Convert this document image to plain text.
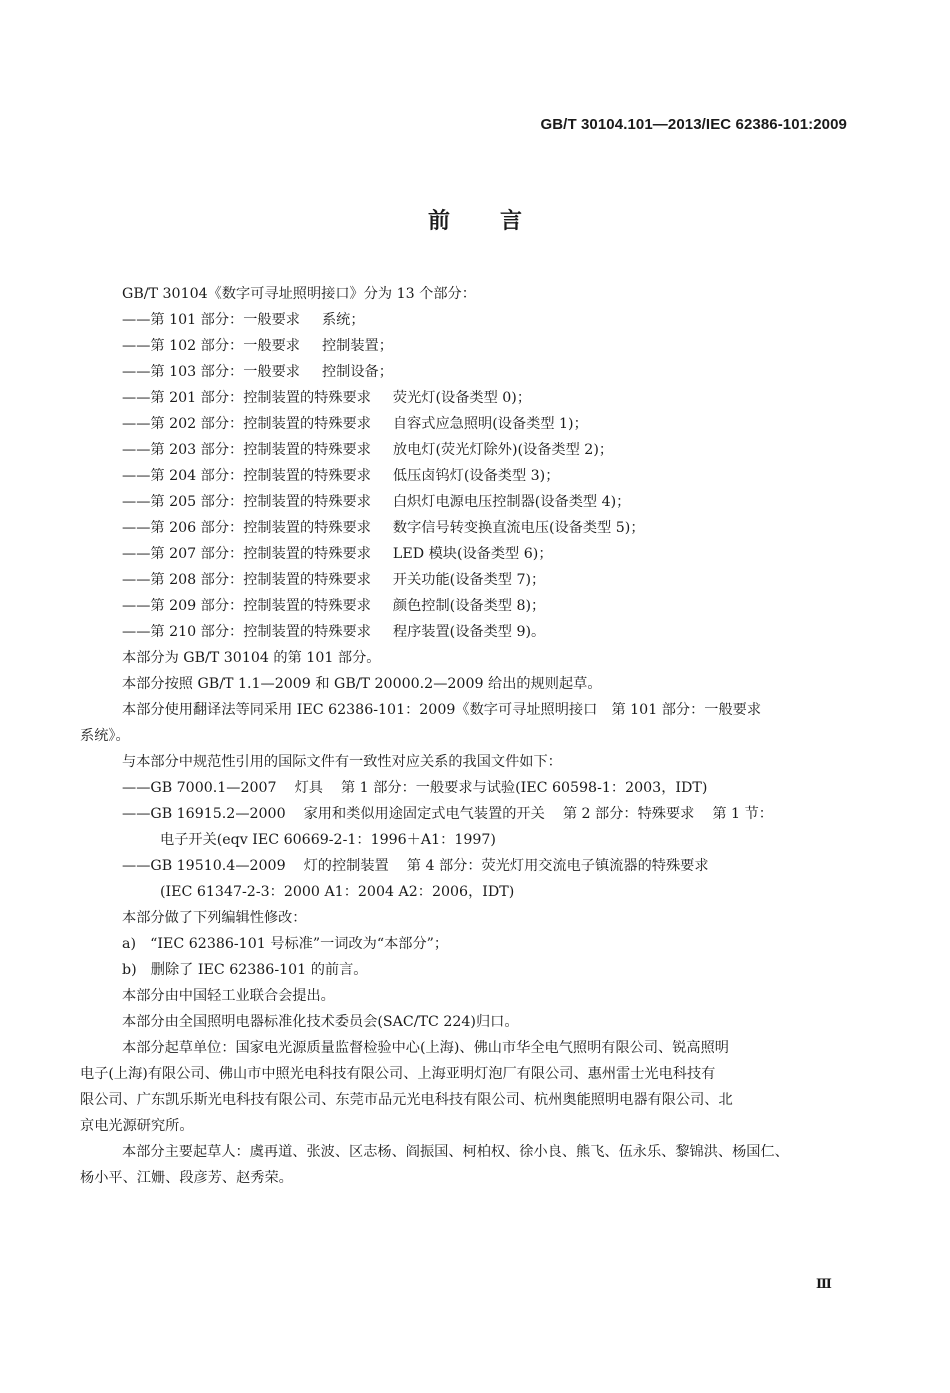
GB/T 30104.101—2013/IEC 62386-101:2009
前言
GB/T 30104《数字可寻址照明接口》分为 13 个部分：
——第 101 部分：一般要求 系统；
——第 102 部分：一般要求 控制装置；
——第 103 部分：一般要求 控制设备；
——第 201 部分：控制装置的特殊要求 荧光灯(设备类型 0)；
——第 202 部分：控制装置的特殊要求 自容式应急照明(设备类型 1)；
——第 203 部分：控制装置的特殊要求 放电灯(荧光灯除外)(设备类型 2)；
——第 204 部分：控制装置的特殊要求 低压卤钨灯(设备类型 3)；
——第 205 部分：控制装置的特殊要求 白炽灯电源电压控制器(设备类型 4)；
——第 206 部分：控制装置的特殊要求 数字信号转变换直流电压(设备类型 5)；
——第 207 部分：控制装置的特殊要求 LED 模块(设备类型 6)；
——第 208 部分：控制装置的特殊要求 开关功能(设备类型 7)；
——第 209 部分：控制装置的特殊要求 颜色控制(设备类型 8)；
——第 210 部分：控制装置的特殊要求 程序装置(设备类型 9)。
本部分为 GB/T 30104 的第 101 部分。
本部分按照 GB/T 1.1—2009 和 GB/T 20000.2—2009 给出的规则起草。
本部分使用翻译法等同采用 IEC 62386-101：2009《数字可寻址照明接口　第 101 部分：一般要求
系统》。
与本部分中规范性引用的国际文件有一致性对应关系的我国文件如下：
——GB 7000.1—2007 灯具 第 1 部分：一般要求与试验(IEC 60598-1：2003，IDT)
——GB 16915.2—2000 家用和类似用途固定式电气装置的开关 第 2 部分：特殊要求 第 1 节：
电子开关(eqv IEC 60669-2-1：1996＋A1：1997)
——GB 19510.4—2009 灯的控制装置 第 4 部分：荧光灯用交流电子镇流器的特殊要求
(IEC 61347-2-3：2000 A1：2004 A2：2006，IDT)
本部分做了下列编辑性修改：
a)　“IEC 62386-101 号标准”一词改为“本部分”；
b)　删除了 IEC 62386-101 的前言。
本部分由中国轻工业联合会提出。
本部分由全国照明电器标准化技术委员会(SAC/TC 224)归口。
本部分起草单位：国家电光源质量监督检验中心(上海)、佛山市华全电气照明有限公司、锐高照明
电子(上海)有限公司、佛山市中照光电科技有限公司、上海亚明灯泡厂有限公司、惠州雷士光电科技有
限公司、广东凯乐斯光电科技有限公司、东莞市品元光电科技有限公司、杭州奥能照明电器有限公司、北
京电光源研究所。
本部分主要起草人：虞再道、张波、区志杨、阎振国、柯柏权、徐小良、熊飞、伍永乐、黎锦洪、杨国仁、
杨小平、江姗、段彦芳、赵秀荣。
Ⅲ
